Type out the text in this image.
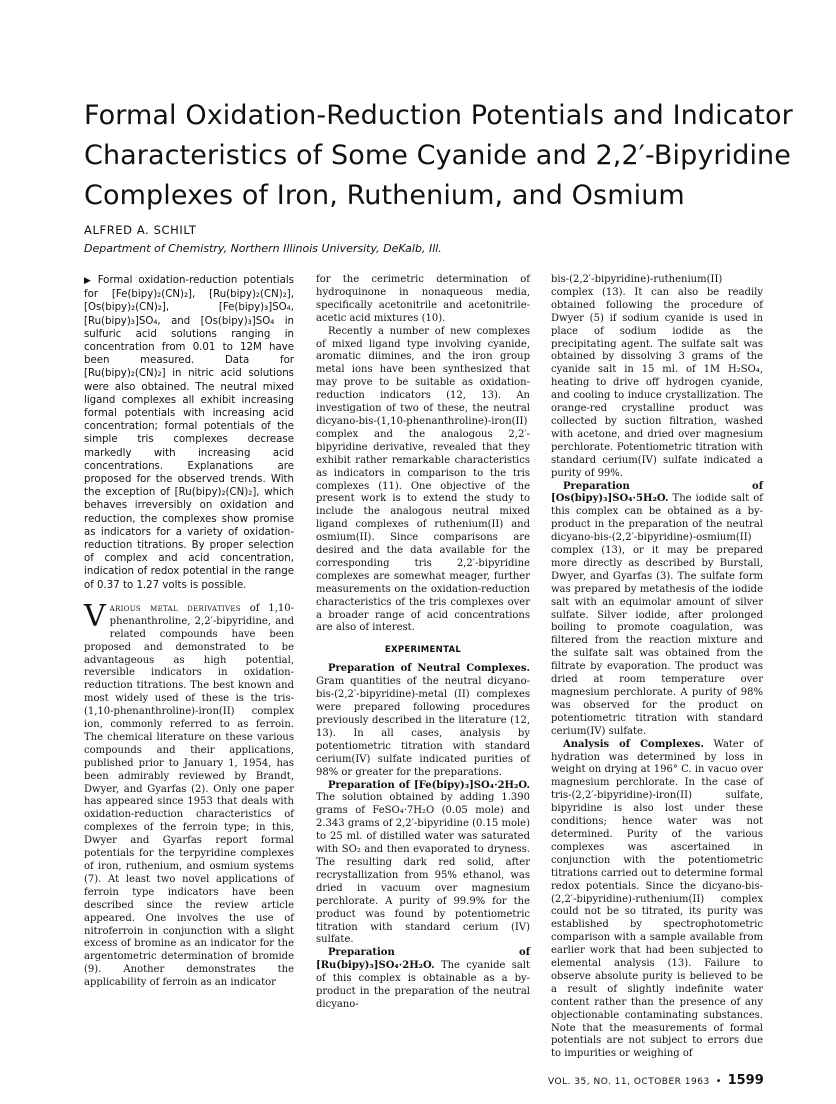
Formal Oxidation-Reduction Potentials and Indicator
Characteristics of Some Cyanide and 2,2′-Bipyridine
Complexes of Iron, Ruthenium, and Osmium
ALFRED A. SCHILT
Department of Chemistry, Northern Illinois University, DeKalb, Ill.

▶ Formal oxidation-reduction potentials for [Fe(bipy)₂(CN)₂], [Ru(bipy)₂(CN)₂], [Os(bipy)₂(CN)₂], [Fe(bipy)₃]SO₄, [Ru(bipy)₃]SO₄, and [Os(bipy)₃]SO₄ in sulfuric acid solutions ranging in concentration from 0.01 to 12M have been measured. Data for [Ru(bipy)₂(CN)₂] in nitric acid solutions were also obtained. The neutral mixed ligand complexes all exhibit increasing formal potentials with increasing acid concentration; formal potentials of the simple tris complexes decrease markedly with increasing acid concentrations. Explanations are proposed for the observed trends. With the exception of [Ru(bipy)₂(CN)₂], which behaves irreversibly on oxidation and reduction, the complexes show promise as indicators for a variety of oxidation-reduction titrations. By proper selection of complex and acid concentration, indication of redox potential in the range of 0.37 to 1.27 volts is possible.

Various metal derivatives of 1,10-phenanthroline, 2,2′-bipyridine, and related compounds have been proposed and demonstrated to be advantageous as high potential, reversible indicators in oxidation-reduction titrations. The best known and most widely used of these is the tris-(1,10-phenanthroline)-iron(II) complex ion, commonly referred to as ferroin. The chemical literature on these various compounds and their applications, published prior to January 1, 1954, has been admirably reviewed by Brandt, Dwyer, and Gyarfas (2). Only one paper has appeared since 1953 that deals with oxidation-reduction characteristics of complexes of the ferroin type; in this, Dwyer and Gyarfas report formal potentials for the terpyridine complexes of iron, ruthenium, and osmium systems (7). At least two novel applications of ferroin type indicators have been described since the review article appeared. One involves the use of nitroferroin in conjunction with a slight excess of bromine as an indicator for the argentometric determination of bromide (9). Another demonstrates the applicability of ferroin as an indicator

for the cerimetric determination of hydroquinone in nonaqueous media, specifically acetonitrile and acetonitrile-acetic acid mixtures (10).

Recently a number of new complexes of mixed ligand type involving cyanide, aromatic diimines, and the iron group metal ions have been synthesized that may prove to be suitable as oxidation-reduction indicators (12, 13). An investigation of two of these, the neutral dicyano-bis-(1,10-phenanthroline)-iron(II) complex and the analogous 2,2′-bipyridine derivative, revealed that they exhibit rather remarkable characteristics as indicators in comparison to the tris complexes (11). One objective of the present work is to extend the study to include the analogous neutral mixed ligand complexes of ruthenium(II) and osmium(II). Since comparisons are desired and the data available for the corresponding tris 2,2′-bipyridine complexes are somewhat meager, further measurements on the oxidation-reduction characteristics of the tris complexes over a broader range of acid concentrations are also of interest.

EXPERIMENTAL

Preparation of Neutral Complexes. Gram quantities of the neutral dicyano-bis-(2,2′-bipyridine)-metal (II) complexes were prepared following procedures previously described in the literature (12, 13). In all cases, analysis by potentiometric titration with standard cerium(IV) sulfate indicated purities of 98% or greater for the preparations.

Preparation of [Fe(bipy)₃]SO₄·2H₂O. The solution obtained by adding 1.390 grams of FeSO₄·7H₂O (0.05 mole) and 2.343 grams of 2,2′-bipyridine (0.15 mole) to 25 ml. of distilled water was saturated with SO₂ and then evaporated to dryness. The resulting dark red solid, after recrystallization from 95% ethanol, was dried in vacuum over magnesium perchlorate. A purity of 99.9% for the product was found by potentiometric titration with standard cerium (IV) sulfate.

Preparation of [Ru(bipy)₃]SO₄·2H₂O. The cyanide salt of this complex is obtainable as a by-product in the preparation of the neutral dicyano-

bis-(2,2′-bipyridine)-ruthenium(II) complex (13). It can also be readily obtained following the procedure of Dwyer (5) if sodium cyanide is used in place of sodium iodide as the precipitating agent. The sulfate salt was obtained by dissolving 3 grams of the cyanide salt in 15 ml. of 1M H₂SO₄, heating to drive off hydrogen cyanide, and cooling to induce crystallization. The orange-red crystalline product was collected by suction filtration, washed with acetone, and dried over magnesium perchlorate. Potentiometric titration with standard cerium(IV) sulfate indicated a purity of 99%.

Preparation of [Os(bipy)₃]SO₄·5H₂O. The iodide salt of this complex can be obtained as a by-product in the preparation of the neutral dicyano-bis-(2,2′-bipyridine)-osmium(II) complex (13), or it may be prepared more directly as described by Burstall, Dwyer, and Gyarfas (3). The sulfate form was prepared by metathesis of the iodide salt with an equimolar amount of silver sulfate. Silver iodide, after prolonged boiling to promote coagulation, was filtered from the reaction mixture and the sulfate salt was obtained from the filtrate by evaporation. The product was dried at room temperature over magnesium perchlorate. A purity of 98% was observed for the product on potentiometric titration with standard cerium(IV) sulfate.

Analysis of Complexes. Water of hydration was determined by loss in weight on drying at 196° C. in vacuo over magnesium perchlorate. In the case of tris-(2,2′-bipyridine)-iron(II) sulfate, bipyridine is also lost under these conditions; hence water was not determined. Purity of the various complexes was ascertained in conjunction with the potentiometric titrations carried out to determine formal redox potentials. Since the dicyano-bis-(2,2′-bipyridine)-ruthenium(II) complex could not be so titrated, its purity was established by spectrophotometric comparison with a sample available from earlier work that had been subjected to elemental analysis (13). Failure to observe absolute purity is believed to be a result of slightly indefinite water content rather than the presence of any objectionable contaminating substances. Note that the measurements of formal potentials are not subject to errors due to impurities or weighing of

VOL. 35, NO. 11, OCTOBER 1963 • 1599
